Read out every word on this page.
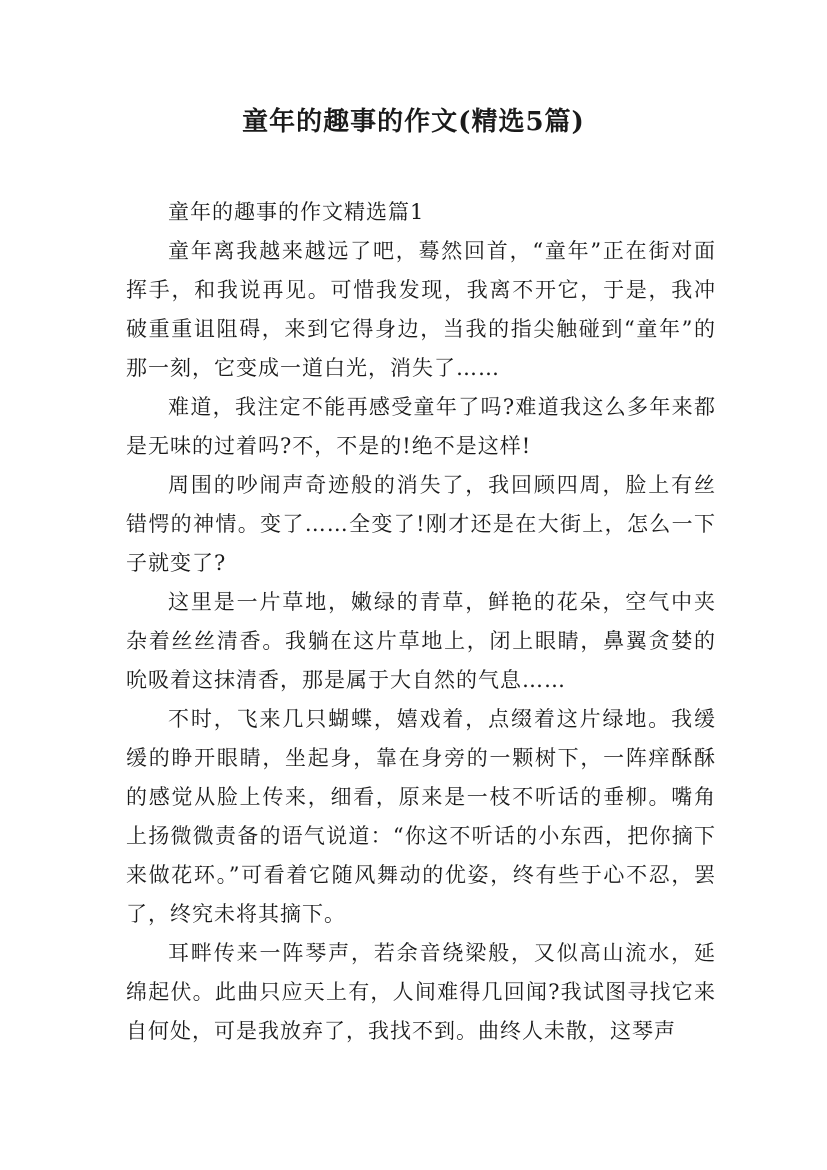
童年的趣事的作文(精选5篇)

童年的趣事的作文精选篇1

童年离我越来越远了吧，蓦然回首，“童年”正在街对面挥手，和我说再见。可惜我发现，我离不开它，于是，我冲破重重诅阻碍，来到它得身边，当我的指尖触碰到“童年”的那一刻，它变成一道白光，消失了……

难道，我注定不能再感受童年了吗?难道我这么多年来都是无味的过着吗?不，不是的!绝不是这样!

周围的吵闹声奇迹般的消失了，我回顾四周，脸上有丝错愕的神情。变了……全变了!刚才还是在大街上，怎么一下子就变了?

这里是一片草地，嫩绿的青草，鲜艳的花朵，空气中夹杂着丝丝清香。我躺在这片草地上，闭上眼睛，鼻翼贪婪的吮吸着这抹清香，那是属于大自然的气息……

不时，飞来几只蝴蝶，嬉戏着，点缀着这片绿地。我缓缓的睁开眼睛，坐起身，靠在身旁的一颗树下，一阵痒酥酥的感觉从脸上传来，细看，原来是一枝不听话的垂柳。嘴角上扬微微责备的语气说道：“你这不听话的小东西，把你摘下来做花环。”可看着它随风舞动的优姿，终有些于心不忍，罢了，终究未将其摘下。

耳畔传来一阵琴声，若余音绕梁般，又似高山流水，延绵起伏。此曲只应天上有，人间难得几回闻?我试图寻找它来自何处，可是我放弃了，我找不到。曲终人未散，这琴声
